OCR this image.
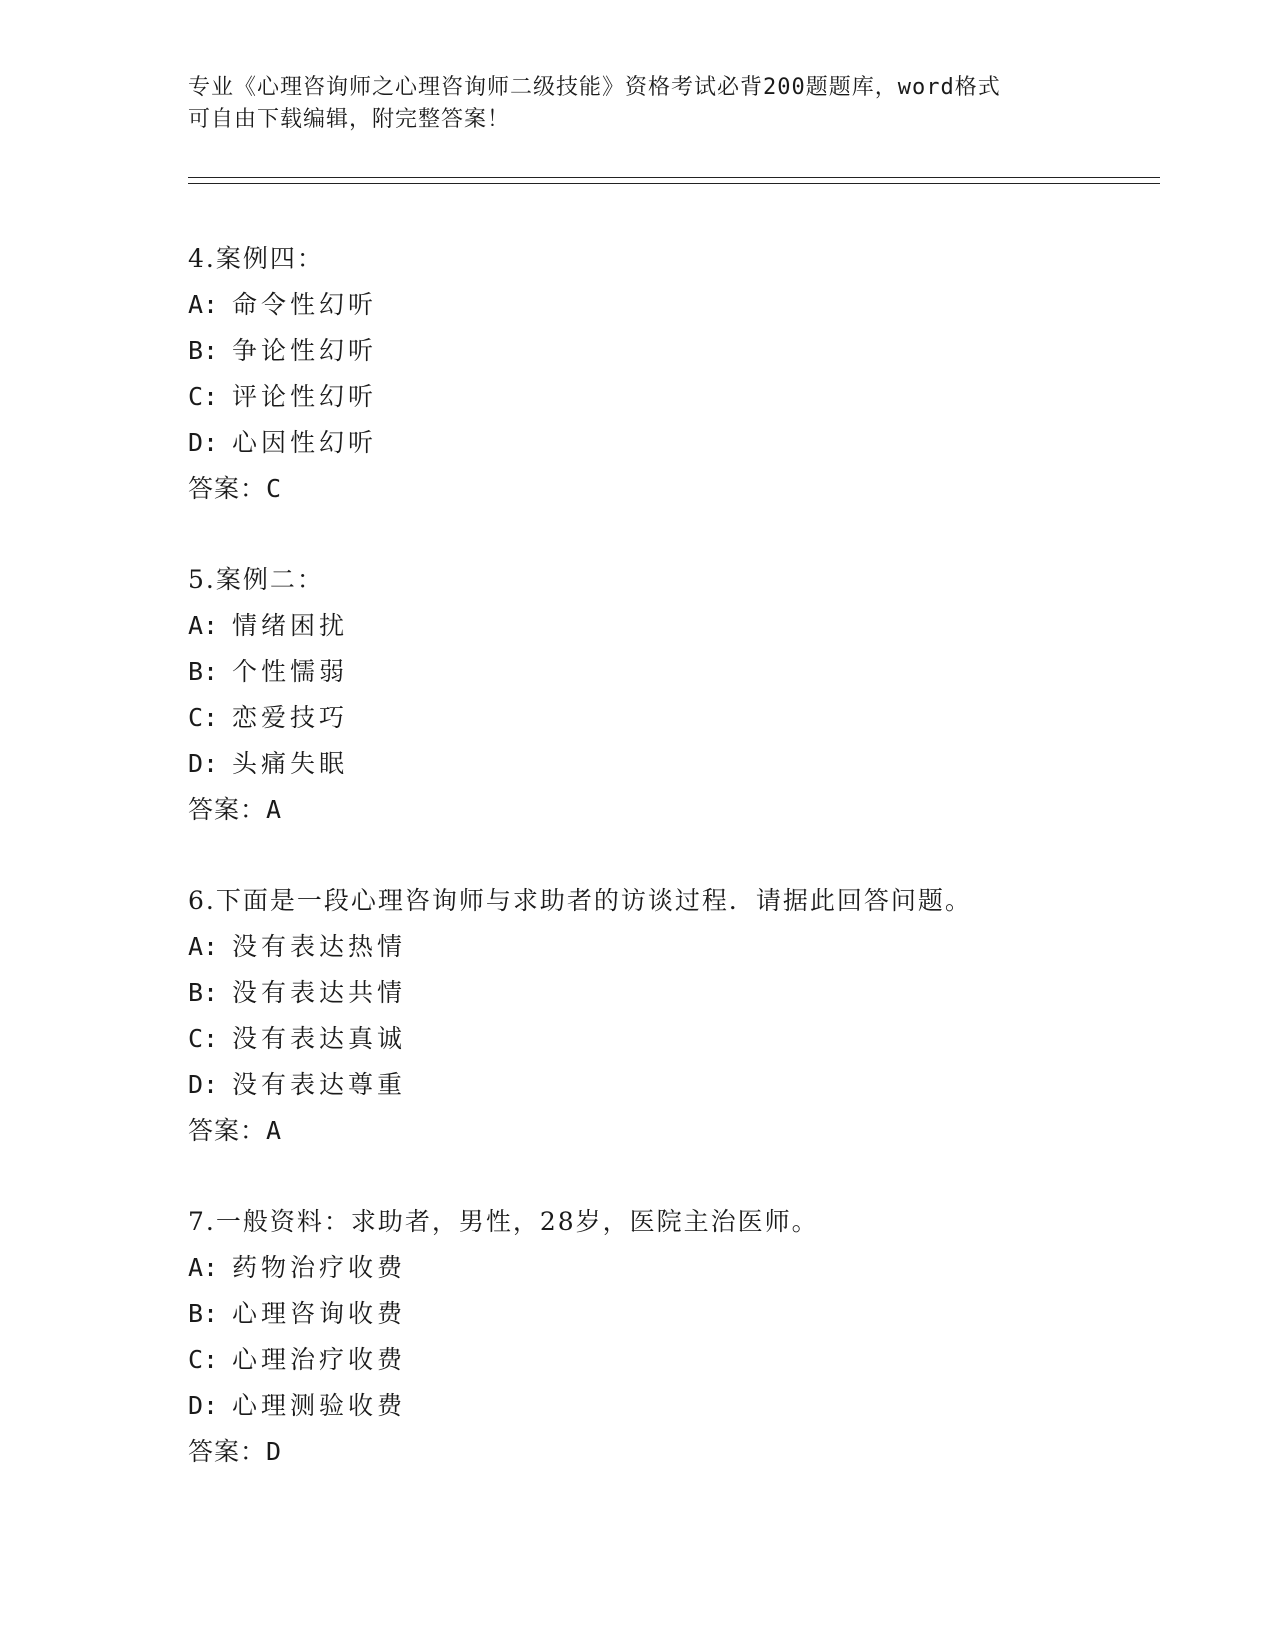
专业《心理咨询师之心理咨询师二级技能》资格考试必背200题题库，word格式
可自由下载编辑，附完整答案！
4.案例四：
A: 命令性幻听
B: 争论性幻听
C: 评论性幻听
D: 心因性幻听
答案：C
5.案例二：
A: 情绪困扰
B: 个性懦弱
C: 恋爱技巧
D: 头痛失眠
答案：A
6.下面是一段心理咨询师与求助者的访谈过程．请据此回答问题。
A: 没有表达热情
B: 没有表达共情
C: 没有表达真诚
D: 没有表达尊重
答案：A
7.一般资料：求助者，男性，28岁，医院主治医师。
A: 药物治疗收费
B: 心理咨询收费
C: 心理治疗收费
D: 心理测验收费
答案：D
